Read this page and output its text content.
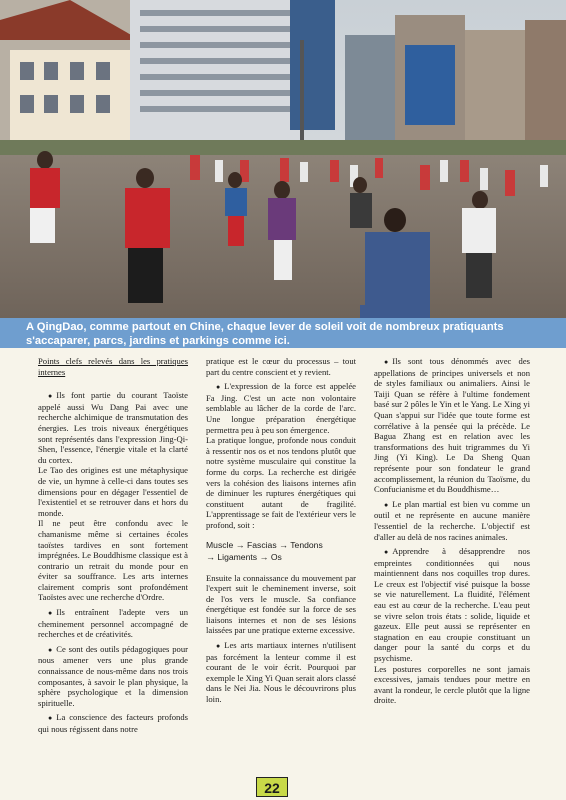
A QingDao, comme partout en Chine, chaque lever de soleil voit de nombreux pratiquants
s'accaparer, parcs, jardins et parkings comme ici.

Points clefs relevés dans les pratiques internes

● Ils font partie du courant Taoïste appelé aussi Wu Dang Pai avec une recherche alchimique de transmutation des énergies. Les trois niveaux énergétiques sont représentés dans l'expression Jing-Qi-Shen, l'essence, l'énergie vitale et la clarté du cortex.

Le Tao des origines est une métaphysique de vie, un hymne à celle-ci dans toutes ses dimensions pour en dégager l'essentiel de l'existentiel et se retrouver dans et hors du monde.

Il ne peut être confondu avec le chamanisme même si certaines écoles taoïstes tardives en sont fortement imprégnées. Le Bouddhisme classique est à contrario un retrait du monde pour en éviter sa souffrance. Les arts internes clairement compris sont profondément Taoïstes avec une recherche d'Ordre.

● Ils entraînent l'adepte vers un cheminement personnel accompagné de recherches et de créativités.

● Ce sont des outils pédagogiques pour nous amener vers une plus grande connaissance de nous-même dans nos trois composantes, à savoir le plan physique, la sphère psychologique et la dimension spirituelle.

● La conscience des facteurs profonds qui nous régissent dans notre

pratique est le cœur du processus – tout part du centre conscient et y revient.

● L'expression de la force est appelée Fa Jing. C'est un acte non volontaire semblable au lâcher de la corde de l'arc. Une longue préparation énergétique permettra peu à peu son émergence.

La pratique longue, profonde nous conduit à ressentir nos os et nos tendons plutôt que notre système musculaire qui constitue la forme du corps. La recherche est dirigée vers la cohésion des liaisons internes afin de diminuer les ruptures énergétiques qui constituent autant de fragilité. L'apprentissage se fait de l'extérieur vers le profond, soit :

Muscle → Fascias → Tendons
→ Ligaments → Os

Ensuite la connaissance du mouvement par l'expert suit le cheminement inverse, soit de l'os vers le muscle. Sa confiance énergétique est fondée sur la force de ses liaisons internes et non de ses lésions laissées par une pratique externe excessive.

● Les arts martiaux internes n'utilisent pas forcément la lenteur comme il est courant de le voir écrit. Pourquoi par exemple le Xing Yi Quan serait alors classé dans le Nei Jia. Nous le découvrirons plus loin.

● Ils sont tous dénommés avec des appellations de principes universels et non de styles familiaux ou animaliers. Ainsi le Taiji Quan se réfère à l'ultime fondement basé sur 2 pôles le Yin et le Yang. Le Xing yi Quan s'appui sur l'idée que toute forme est corrélative à la pensée qui la précède. Le Bagua Zhang est en relation avec les transformations des huit trigrammes du Yi Jing (Yi King). Le Da Sheng Quan représente pour son fondateur le grand accomplissement, la réunion du Taoïsme, du Confucianisme et du Bouddhisme…

● Le plan martial est bien vu comme un outil et ne représente en aucune manière l'essentiel de la recherche. L'objectif est d'aller au delà de nos racines animales.

● Apprendre à désapprendre nos empreintes conditionnées qui nous maintiennent dans nos coquilles trop dures. Le creux est l'objectif visé puisque la bosse se vie naturellement. La fluidité, l'élément eau est au cœur de la recherche. L'eau peut se vivre selon trois états : solide, liquide et gazeux. Elle peut aussi se représenter en stagnation en eau croupie constituant un danger pour la santé du corps et du psychisme.

Les postures corporelles ne sont jamais excessives, jamais tendues pour mettre en avant la rondeur, le cercle plutôt que la ligne droite.

22
